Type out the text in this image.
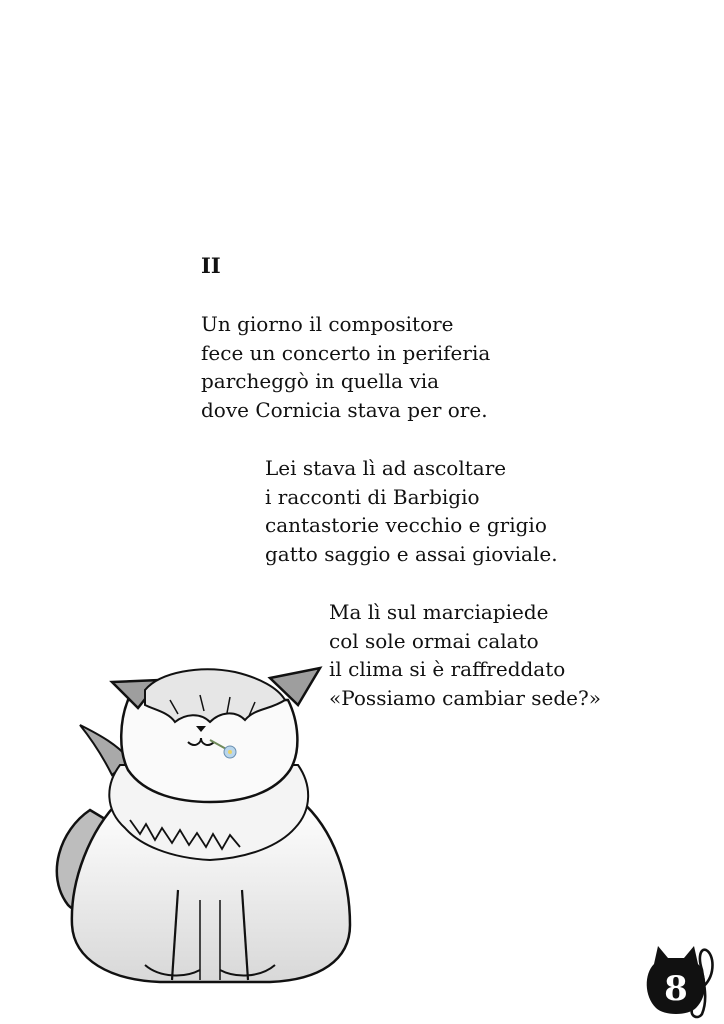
II
Un giorno il compositore
fece un concerto in periferia
parcheggò in quella via
dove Cornicia stava per ore.
Lei stava lì ad ascoltare
i racconti di Barbigio
cantastorie vecchio e grigio
gatto saggio e assai gioviale.
Ma lì sul marciapiede
col sole ormai calato
il clima si è raffreddato
«Possiamo cambiar sede?»
8
